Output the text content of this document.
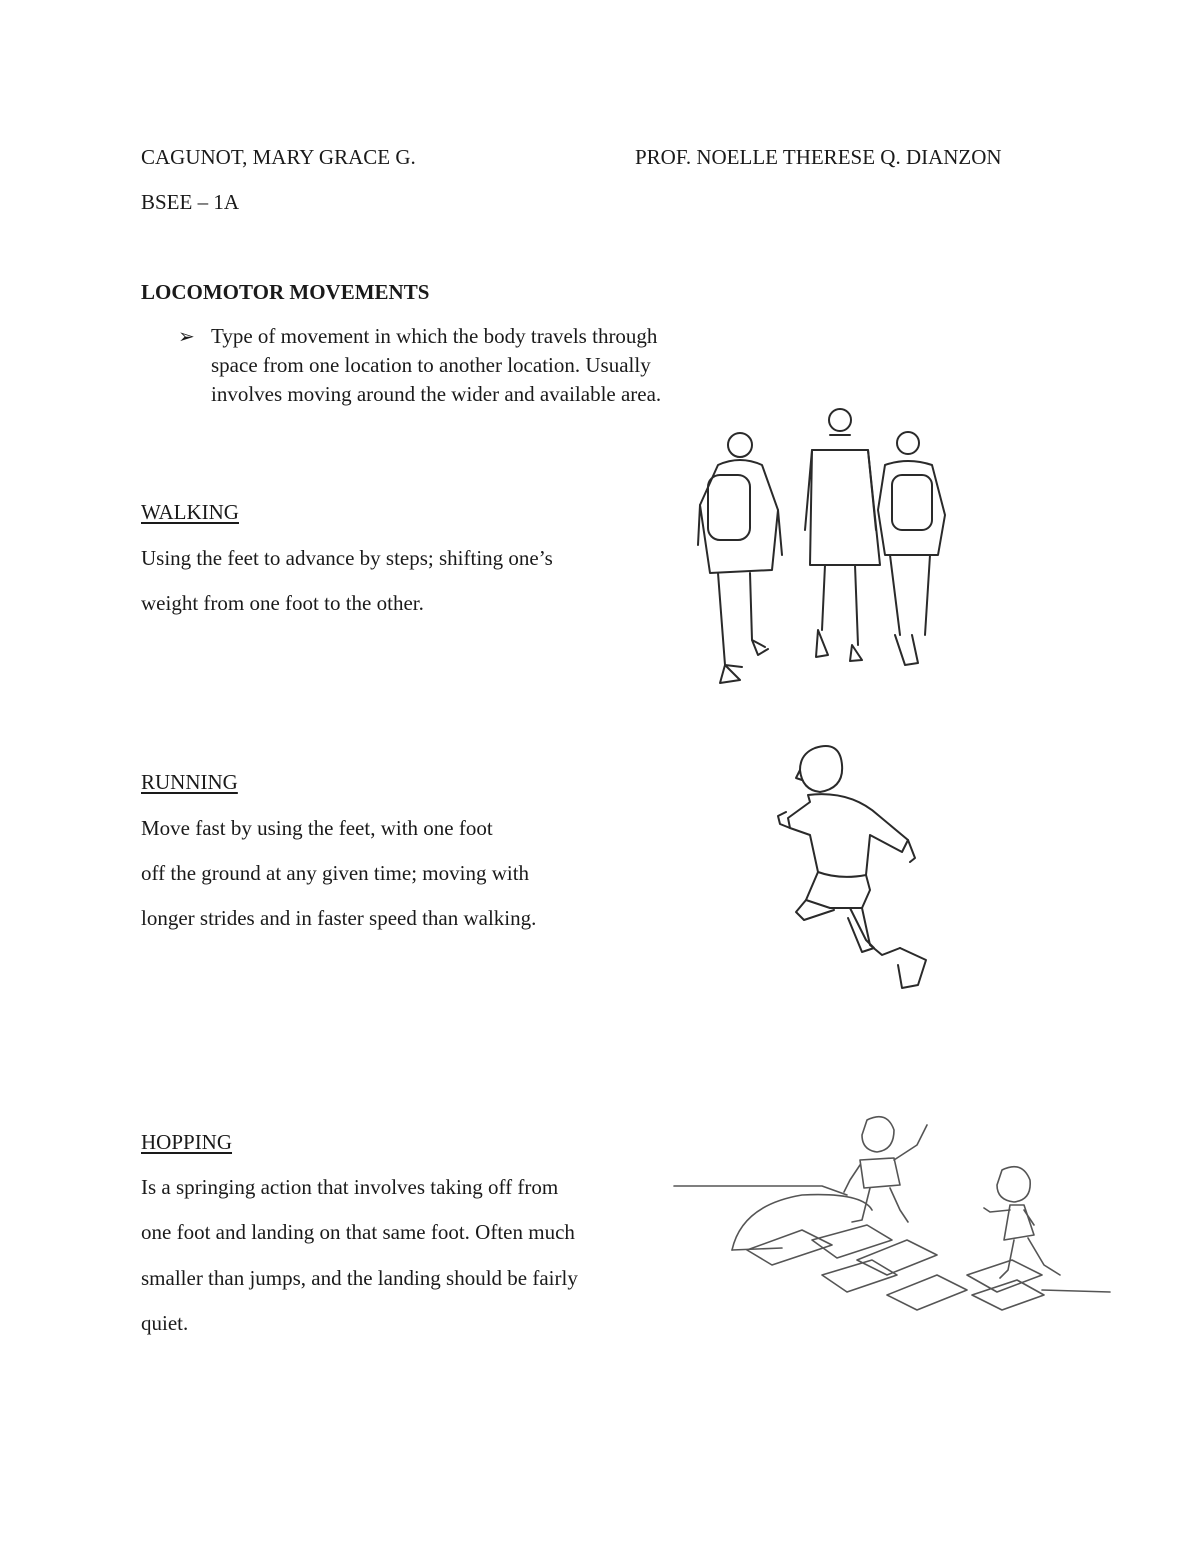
CAGUNOT, MARY GRACE G.	PROF. NOELLE THERESE Q. DIANZON
BSEE – 1A
LOCOMOTOR MOVEMENTS
➢ Type of movement in which the body travels through
space from one location to another location. Usually
involves moving around the wider and available area.
WALKING
Using the feet to advance by steps; shifting one’s
weight from one foot to the other.
RUNNING
Move fast by using the feet, with one foot
off the ground at any given time; moving with
longer strides and in faster speed than walking.
HOPPING
Is a springing action that involves taking off from
one foot and landing on that same foot. Often much
smaller than jumps, and the landing should be fairly
quiet.
